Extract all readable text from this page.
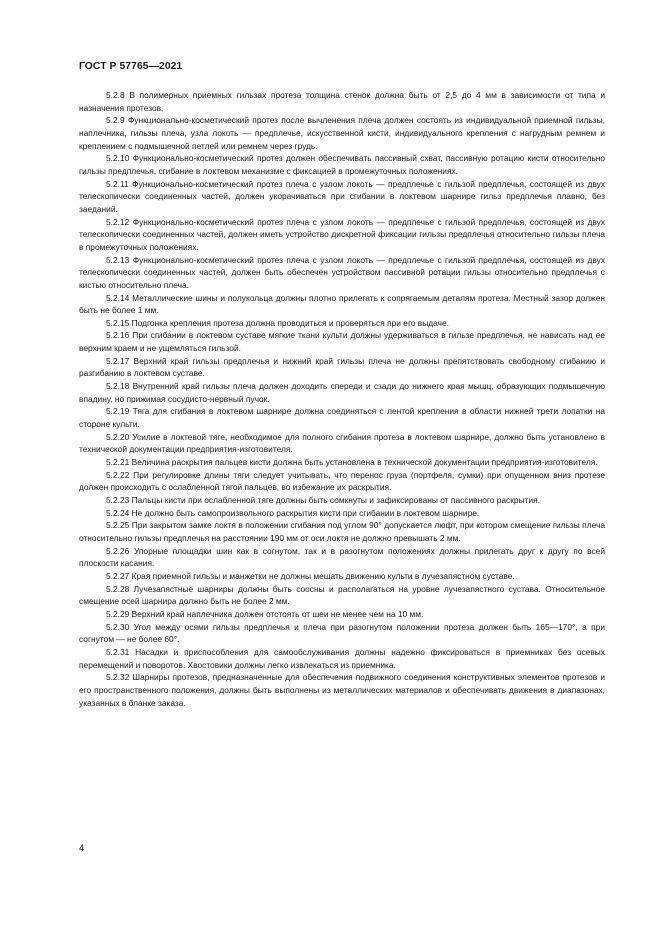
ГОСТ Р 57765—2021

5.2.8 В полимерных приемных гильзах протеза толщина стенок должна быть от 2,5 до 4 мм в зависимости от типа и назначения протезов.

5.2.9 Функционально-косметический протез после вычленения плеча должен состоять из индивидуальной приемной гильзы, наплечника, гильзы плеча, узла локоть — предплечье, искусственной кисти, индивидуального крепления с нагрудным ремнем и креплением с подмышечной петлей или ремнем через грудь.

5.2.10 Функционально-косметический протез должен обеспечивать пассивный схват, пассивную ротацию кисти относительно гильзы предплечья, сгибание в локтевом механизме с фиксацией в промежуточных положениях.

5.2.11 Функционально-косметический протез плеча с узлом локоть — предплечье с гильзой предплечья, состоящей из двух телескопически соединенных частей, должен укорачиваться при сгибании в локтевом шарнире гильз предплечья плавно, без заеданий.

5.2.12 Функционально-косметический протез плеча с узлом локоть — предплечье с гильзой предплечья, состоящей из двух телескопически соединенных частей, должен иметь устройство дискретной фиксации гильзы предплечья относительно гильзы плеча в промежуточных положениях.

5.2.13 Функционально-косметический протез плеча с узлом локоть — предплечье с гильзой предплечья, состоящей из двух телескопически соединенных частей, должен быть обеспечен устройством пассивной ротации гильзы относительно предплечья с кистью относительно плеча.

5.2.14 Металлические шины и полукольца должны плотно прилегать к сопрягаемым деталям протеза. Местный зазор должен быть не более 1 мм.

5.2.15 Подгонка крепления протеза должна проводиться и проверяться при его выдаче.

5.2.16 При сгибании в локтевом суставе мягкие ткани культи должны удерживаться в гильзе предплечья, не нависать над ее верхним краем и не ущемляться гильзой.

5.2.17 Верхний край гильзы предплечья и нижний край гильзы плеча не должны препятствовать свободному сгибанию и разгибанию в локтевом суставе.

5.2.18 Внутренний край гильзы плеча должен доходить спереди и сзади до нижнего края мышц, образующих подмышечную впадину, но прижимая сосудисто-нервный пучок.

5.2.19 Тяга для сгибания в локтевом шарнире должна соединяться с лентой крепления в области нижней трети лопатки на стороне культи.

5.2.20 Усилие в локтевой тяге, необходимое для полного сгибания протеза в локтевом шарнире, должно быть установлено в технической документации предприятия-изготовителя.

5.2.21 Величина раскрытия пальцев кисти должна быть установлена в технической документации предприятия-изготовителя.

5.2.22 При регулировке длины тяги следует учитывать, что перенос груза (портфеля, сумки) при опущенном вниз протезе должен происходить с ослабленной тягой пальцев, во избежание их раскрытия.

5.2.23 Пальцы кисти при ослабленной тяге должны быть сомкнуты и зафиксированы от пассивного раскрытия.

5.2.24 Не должно быть самопроизвольного раскрытия кисти при сгибании в локтевом шарнире.

5.2.25 При закрытом замке локтя в положении сгибания под углом 90° допускается люфт, при котором смещение гильзы плеча относительно гильзы предплечья на расстоянии 190 мм от оси локтя не должно превышать 2 мм.

5.2.26 Упорные площадки шин как в согнутом, так и в разогнутом положениях должны прилегать друг к другу по всей плоскости касания.

5.2.27 Края приемной гильзы и манжетки не должны мешать движению культи в лучезапястном суставе.

5.2.28 Лучезапястные шарниры должны быть соосны и располагаться на уровне лучезапястного сустава. Относительное смещение осей шарнира должно быть не более 2 мм.

5.2.29 Верхний край наплечника должен отстоять от шеи не менее чем на 10 мм.

5.2.30 Угол между осями гильзы предплечья и плеча при разогнутом положении протеза должен быть 165—170°, а при согнутом — не более 60°.

5.2.31 Насадки и приспособления для самообслуживания должны надежно фиксироваться в приемниках без осевых перемещений и поворотов. Хвостовики должны легко извлекаться из приемника.

5.2.32 Шарниры протезов, предназначенные для обеспечения подвижного соединения конструктивных элементов протезов и его пространственного положения, должны быть выполнены из металлических материалов и обеспечивать движения в диапазонах, указанных в бланке заказа.

4
